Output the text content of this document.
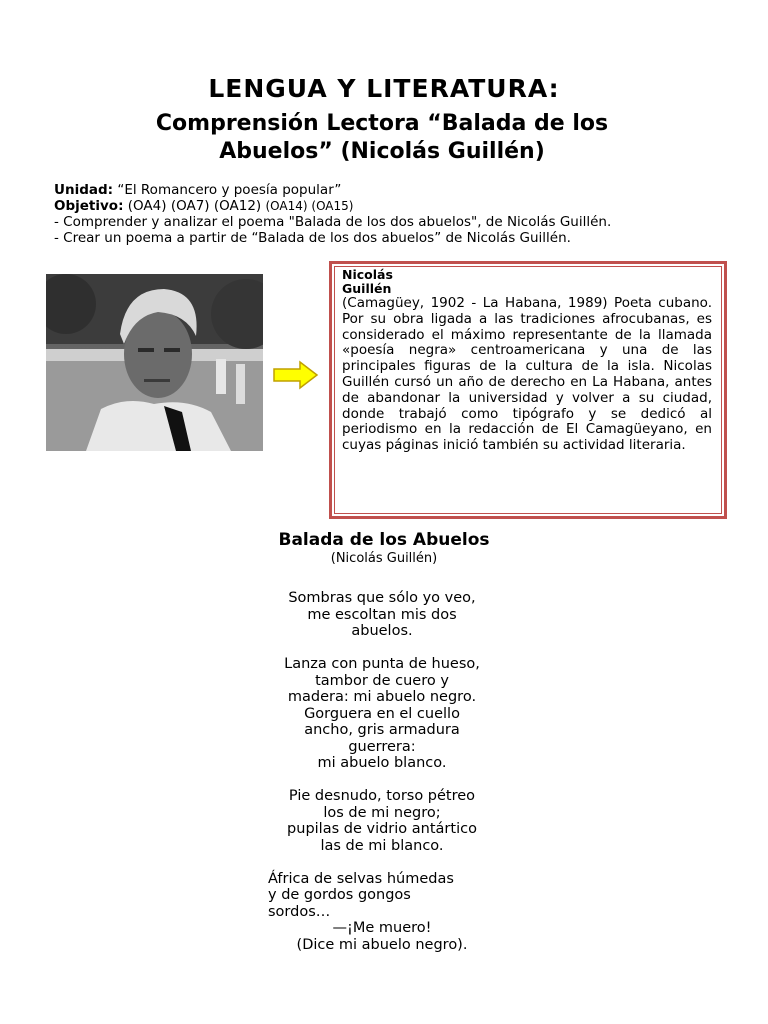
LENGUA Y LITERATURA:
Comprensión Lectora “Balada de los Abuelos” (Nicolás Guillén)
Unidad: “El Romancero y poesía popular”
Objetivo: (OA4) (OA7) (OA12) (OA14) (OA15)
- Comprender y analizar el poema "Balada de los dos abuelos", de Nicolás Guillén.
- Crear un poema a partir de “Balada de los dos abuelos” de Nicolás Guillén.
Nicolás Guillén
(Camagüey, 1902 - La Habana, 1989) Poeta cubano. Por su obra ligada a las tradiciones afrocubanas, es considerado el máximo representante de la llamada «poesía negra» centroamericana y una de las principales figuras de la cultura de la isla. Nicolas Guillén cursó un año de derecho en La Habana, antes de abandonar la universidad y volver a su ciudad, donde trabajó como tipógrafo y se dedicó al periodismo en la redacción de El Camagüeyano, en cuyas páginas inició también su actividad literaria.
Balada de los Abuelos
(Nicolás Guillén)
Sombras que sólo yo veo,
me escoltan mis dos
abuelos.
Lanza con punta de hueso,
tambor de cuero y
madera: mi abuelo negro.
Gorguera en el cuello
ancho, gris armadura
guerrera:
mi abuelo blanco.
Pie desnudo, torso pétreo
los de mi negro;
pupilas de vidrio antártico
las de mi blanco.
África de selvas húmedas
y de gordos gongos
sordos…
—¡Me muero!
(Dice mi abuelo negro).
